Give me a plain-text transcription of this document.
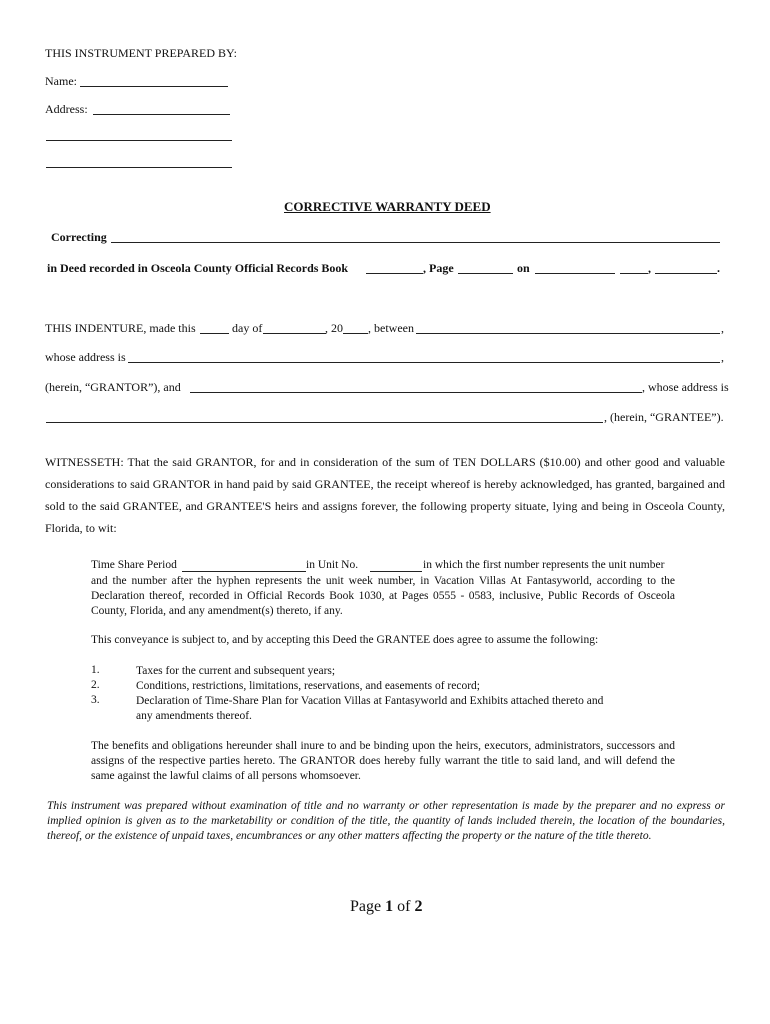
THIS INSTRUMENT PREPARED BY:
Name:
Address:
CORRECTIVE WARRANTY DEED
Correcting
in Deed recorded in Osceola County Official Records Book	, Page	on	,	.
THIS INDENTURE, made this	day of	, 20 , between	,
whose address is	,
(herein, “GRANTOR”), and	, whose address is
, (herein, “GRANTEE”).
WITNESSETH: That the said GRANTOR, for and in consideration of the sum of TEN DOLLARS ($10.00) and other good and valuable considerations to said GRANTOR in hand paid by said GRANTEE, the receipt whereof is hereby acknowledged, has granted, bargained and sold to the said GRANTEE, and GRANTEE'S heirs and assigns forever, the following property situate, lying and being in Osceola County, Florida, to wit:
Time Share Period	in Unit No.	in which the first number represents the unit number
and the number after the hyphen represents the unit week number, in Vacation Villas At Fantasyworld, according to the Declaration thereof, recorded in Official Records Book 1030, at Pages 0555 - 0583, inclusive, Public Records of Osceola County, Florida, and any amendment(s) thereto, if any.
This conveyance is subject to, and by accepting this Deed the GRANTEE does agree to assume the following:
1.	Taxes for the current and subsequent years;
2.	Conditions, restrictions, limitations, reservations, and easements of record;
3.	Declaration of Time-Share Plan for Vacation Villas at Fantasyworld and Exhibits attached thereto and any amendments thereof.
The benefits and obligations hereunder shall inure to and be binding upon the heirs, executors, administrators, successors and assigns of the respective parties hereto. The GRANTOR does hereby fully warrant the title to said land, and will defend the same against the lawful claims of all persons whomsoever.
This instrument was prepared without examination of title and no warranty or other representation is made by the preparer and no express or implied opinion is given as to the marketability or condition of the title, the quantity of lands included therein, the location of the boundaries, thereof, or the existence of unpaid taxes, encumbrances or any other matters affecting the property or the nature of the title thereto.
Page 1 of 2
